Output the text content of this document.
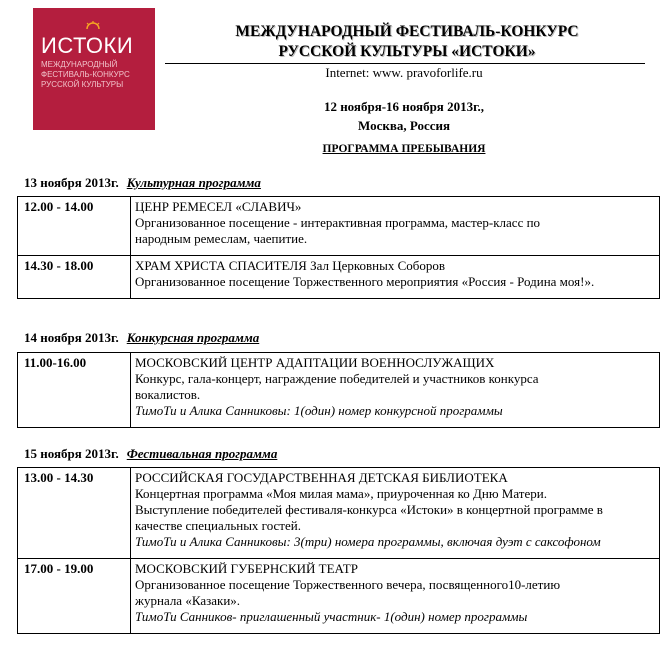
ИСТОКИ
МЕЖДУНАРОДНЫЙ
ФЕСТИВАЛЬ-КОНКУРС
РУССКОЙ КУЛЬТУРЫ
МЕЖДУНАРОДНЫЙ ФЕСТИВАЛЬ-КОНКУРС
РУССКОЙ КУЛЬТУРЫ «ИСТОКИ»
Internet: www. pravoforlife.ru
12 ноября-16 ноября 2013г.,
Москва, Россия
ПРОГРАММА ПРЕБЫВАНИЯ
13 ноября 2013г. Культурная программа
12.00 - 14.00	ЦЕНР РЕМЕСЕЛ «СЛАВИЧ»
Организованное посещение - интерактивная программа, мастер-класс по
народным ремеслам, чаепитие.

14.30 - 18.00	ХРАМ ХРИСТА СПАСИТЕЛЯ Зал Церковных Соборов
Организованное посещение Торжественного мероприятия «Россия - Родина моя!».
14 ноября 2013г. Конкурсная программа
11.00-16.00	МОСКОВСКИЙ ЦЕНТР АДАПТАЦИИ ВОЕННОСЛУЖАЩИХ
Конкурс, гала-концерт, награждение победителей и участников конкурса
вокалистов.
ТимоТи и Алика Санниковы: 1(один) номер конкурсной программы
15 ноября 2013г. Фестивальная программа
13.00 - 14.30	РОССИЙСКАЯ ГОСУДАРСТВЕННАЯ ДЕТСКАЯ БИБЛИОТЕКА
Концертная программа «Моя милая мама», приуроченная ко Дню Матери.
Выступление победителей фестиваля-конкурса «Истоки» в концертной программе в
качестве специальных гостей.
ТимоТи и Алика Санниковы: 3(три) номера программы, включая дуэт с саксофоном

17.00 - 19.00	МОСКОВСКИЙ ГУБЕРНСКИЙ ТЕАТР
Организованное посещение Торжественного вечера, посвященного10-летию
журнала «Казаки».
ТимоТи Санников- приглашенный участник- 1(один) номер программы
